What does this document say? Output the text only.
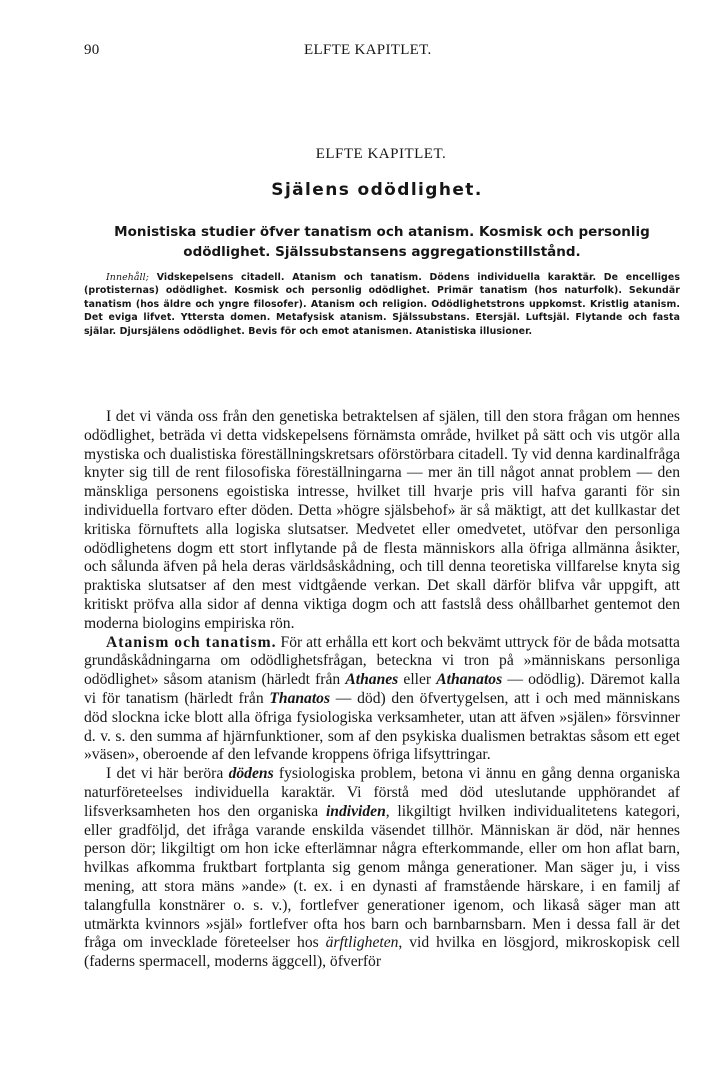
90	ELFTE KAPITLET.
ELFTE KAPITLET.
Själens odödlighet.
Monistiska studier öfver tanatism och atanism. Kosmisk och personlig odödlighet. Själssubstansens aggregationstillstånd.
Innehåll; Vidskepelsens citadell. Atanism och tanatism. Dödens individuella karaktär. De encelliges (protisternas) odödlighet. Kosmisk och personlig odödlighet. Primär tanatism (hos naturfolk). Sekundär tanatism (hos äldre och yngre filosofer). Atanism och religion. Odödlighetstrons uppkomst. Kristlig atanism. Det eviga lifvet. Yttersta domen. Metafysisk atanism. Själssubstans. Etersjäl. Luftsjäl. Flytande och fasta själar. Djursjälens odödlighet. Bevis för och emot atanismen. Atanistiska illusioner.

I det vi vända oss från den genetiska betraktelsen af själen, till den stora frågan om hennes odödlighet, beträda vi detta vidskepelsens förnämsta område, hvilket på sätt och vis utgör alla mystiska och dualistiska föreställningskretsars oförstörbara citadell. Ty vid denna kardinalfråga knyter sig till de rent filosofiska föreställningarna — mer än till något annat problem — den mänskliga personens egoistiska intresse, hvilket till hvarje pris vill hafva garanti för sin individuella fortvaro efter döden. Detta »högre själsbehof» är så mäktigt, att det kullkastar det kritiska förnuftets alla logiska slutsatser. Medvetet eller omedvetet, utöfvar den personliga odödlighetens dogm ett stort inflytande på de flesta människors alla öfriga allmänna åsikter, och sålunda äfven på hela deras världsåskådning, och till denna teoretiska villfarelse knyta sig praktiska slutsatser af den mest vidtgående verkan. Det skall därför blifva vår uppgift, att kritiskt pröfva alla sidor af denna viktiga dogm och att fastslå dess ohållbarhet gentemot den moderna biologins empiriska rön.

Atanism och tanatism. För att erhålla ett kort och bekvämt uttryck för de båda motsatta grundåskådningarna om odödlighetsfrågan, beteckna vi tron på »människans personliga odödlighet» såsom atanism (härledt från Athanes eller Athanatos — odödlig). Däremot kalla vi för tanatism (härledt från Thanatos — död) den öfvertygelsen, att i och med människans död slockna icke blott alla öfriga fysiologiska verksamheter, utan att äfven »själen» försvinner d. v. s. den summa af hjärnfunktioner, som af den psykiska dualismen betraktas såsom ett eget »väsen», oberoende af den lefvande kroppens öfriga lifsyttringar.

I det vi här beröra dödens fysiologiska problem, betona vi ännu en gång denna organiska naturföreteelses individuella karaktär. Vi förstå med död uteslutande upphörandet af lifsverksamheten hos den organiska individen, likgiltigt hvilken individualitetens kategori, eller gradföljd, det ifråga varande enskilda väsendet tillhör. Människan är död, när hennes person dör; likgiltigt om hon icke efterlämnar några efterkommande, eller om hon aflat barn, hvilkas afkomma fruktbart fortplanta sig genom många generationer. Man säger ju, i viss mening, att stora mäns »ande» (t. ex. i en dynasti af framstående härskare, i en familj af talangfulla konstnärer o. s. v.), fortlefver generationer igenom, och likaså säger man att utmärkta kvinnors »själ» fortlefver ofta hos barn och barnbarnsbarn. Men i dessa fall är det fråga om invecklade företeelser hos ärftligheten, vid hvilka en lösgjord, mikroskopisk cell (faderns spermacell, moderns äggcell), öfverför
